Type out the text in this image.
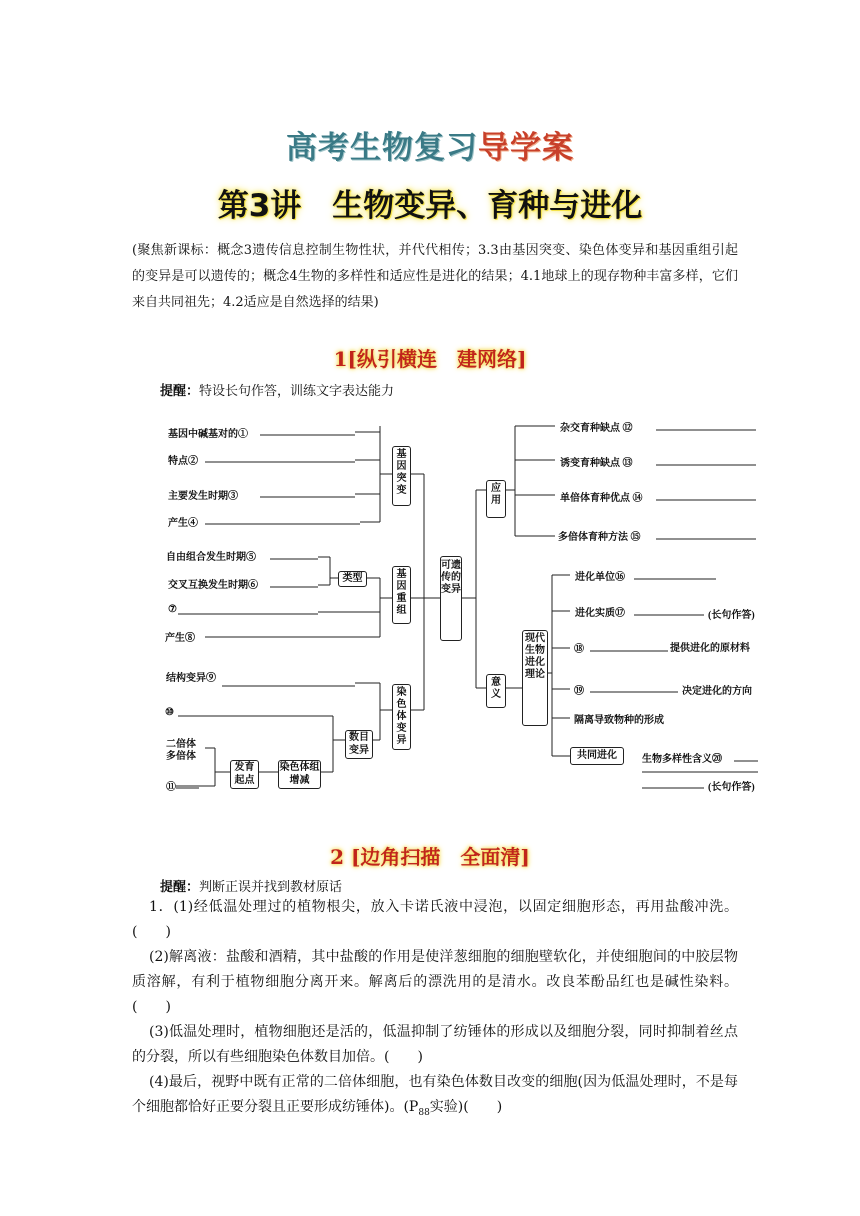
高考生物复习导学案
第3讲　生物变异、育种与进化
(聚焦新课标：概念3遗传信息控制生物性状，并代代相传；3.3由基因突变、染色体变异和基因重组引起的变异是可以遗传的；概念4生物的多样性和适应性是进化的结果；4.1地球上的现存物种丰富多样，它们来自共同祖先；4.2适应是自然选择的结果)
1[纵引横连　建网络]
提醒：特设长句作答，训练文字表达能力
基因中碱基对的①
特点②
主要发生时期③
产生④
自由组合发生时期⑤
交叉互换发生时期⑥
⑦
产生⑧
结构变异⑨
⑩
二倍体
多倍体
⑪
基因突变
类型	基因重组
染色体变异
数目变异
发育起点
染色体组增减
可遗传的变异
应用
意义
现代生物进化理论
杂交育种缺点 ⑫
诱变育种缺点 ⑬
单倍体育种优点 ⑭
多倍体育种方法 ⑮
进化单位⑯
进化实质⑰	(长句作答)
⑱	提供进化的原材料
⑲	决定进化的方向
隔离导致物种的形成
共同进化	生物多样性含义⑳
(长句作答)
2 [边角扫描　全面清]
提醒：判断正误并找到教材原话
1．(1)经低温处理过的植物根尖，放入卡诺氏液中浸泡，以固定细胞形态，再用盐酸冲洗。(　　)
(2)解离液：盐酸和酒精，其中盐酸的作用是使洋葱细胞的细胞壁软化，并使细胞间的中胶层物质溶解，有利于植物细胞分离开来。解离后的漂洗用的是清水。改良苯酚品红也是碱性染料。(　　)
(3)低温处理时，植物细胞还是活的，低温抑制了纺锤体的形成以及细胞分裂，同时抑制着丝点的分裂，所以有些细胞染色体数目加倍。(　　)
(4)最后，视野中既有正常的二倍体细胞，也有染色体数目改变的细胞(因为低温处理时，不是每个细胞都恰好正要分裂且正要形成纺锤体)。($P_{88}$实验)(　　)
